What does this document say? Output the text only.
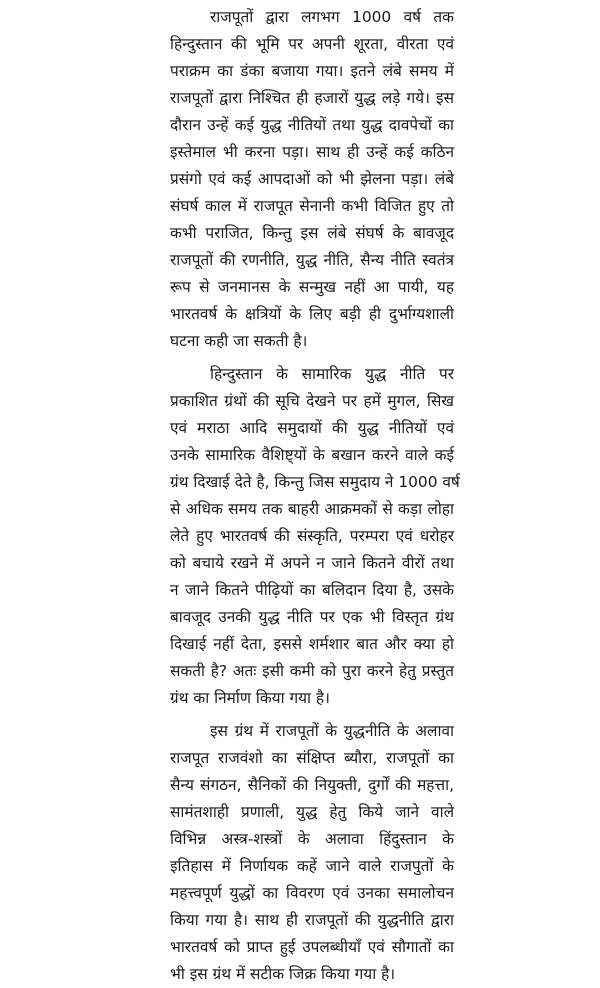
राजपूतों द्वारा लगभग 1000 वर्ष तक
हिन्दुस्तान की भूमि पर अपनी शूरता, वीरता एवं
पराक्रम का डंका बजाया गया। इतने लंबे समय में
राजपूतों द्वारा निश्चित ही हजारों युद्ध लड़े गये। इस
दौरान उन्हें कई युद्ध नीतियों तथा युद्ध दावपेचों का
इस्तेमाल भी करना पड़ा। साथ ही उन्हें कई कठिन
प्रसंगो एवं कई आपदाओं को भी झेलना पड़ा। लंबे
संघर्ष काल में राजपूत सेनानी कभी विजित हुए तो
कभी पराजित, किन्तु इस लंबे संघर्ष के बावजूद
राजपूतों की रणनीति, युद्ध नीति, सैन्य नीति स्वतंत्र
रूप से जनमानस के सन्मुख नहीं आ पायी, यह
भारतवर्ष के क्षत्रियों के लिए बड़ी ही दुर्भाग्यशाली
घटना कही जा सकती है।
हिन्दुस्तान के सामारिक युद्ध नीति पर
प्रकाशित ग्रंथों की सूचि देखने पर हमें मुगल, सिख
एवं मराठा आदि समुदायों की युद्ध नीतियों एवं
उनके सामारिक वैशिष्ट्यों के बखान करने वाले कई
ग्रंथ दिखाई देते है, किन्तु जिस समुदाय ने 1000 वर्ष
से अधिक समय तक बाहरी आक्रमकों से कड़ा लोहा
लेते हुए भारतवर्ष की संस्कृति, परम्परा एवं धरोहर
को बचाये रखने में अपने न जाने कितने वीरों तथा
न जाने कितने पीढ़ियों का बलिदान दिया है, उसके
बावजूद उनकी युद्ध नीति पर एक भी विस्तृत ग्रंथ
दिखाई नहीं देता, इससे शर्मशार बात और क्या हो
सकती है? अतः इसी कमी को पुरा करने हेतु प्रस्तुत
ग्रंथ का निर्माण किया गया है।
इस ग्रंथ में राजपूतों के युद्धनीति के अलावा
राजपूत राजवंशो का संक्षिप्त ब्यौरा, राजपूतों का
सैन्य संगठन, सैनिकों की नियुक्ती, दुर्गों की महत्ता,
सामंतशाही प्रणाली, युद्ध हेतु किये जाने वाले
विभिन्न अस्त्र-शस्त्रों के अलावा हिंदुस्तान के
इतिहास में निर्णायक कहें जाने वाले राजपुतों के
महत्त्वपूर्ण युद्धों का विवरण एवं उनका समालोचन
किया गया है। साथ ही राजपूतों की युद्धनीति द्वारा
भारतवर्ष को प्राप्त हुई उपलब्धीयाँ एवं सौगातों का
भी इस ग्रंथ में सटीक जिक्र किया गया है।
